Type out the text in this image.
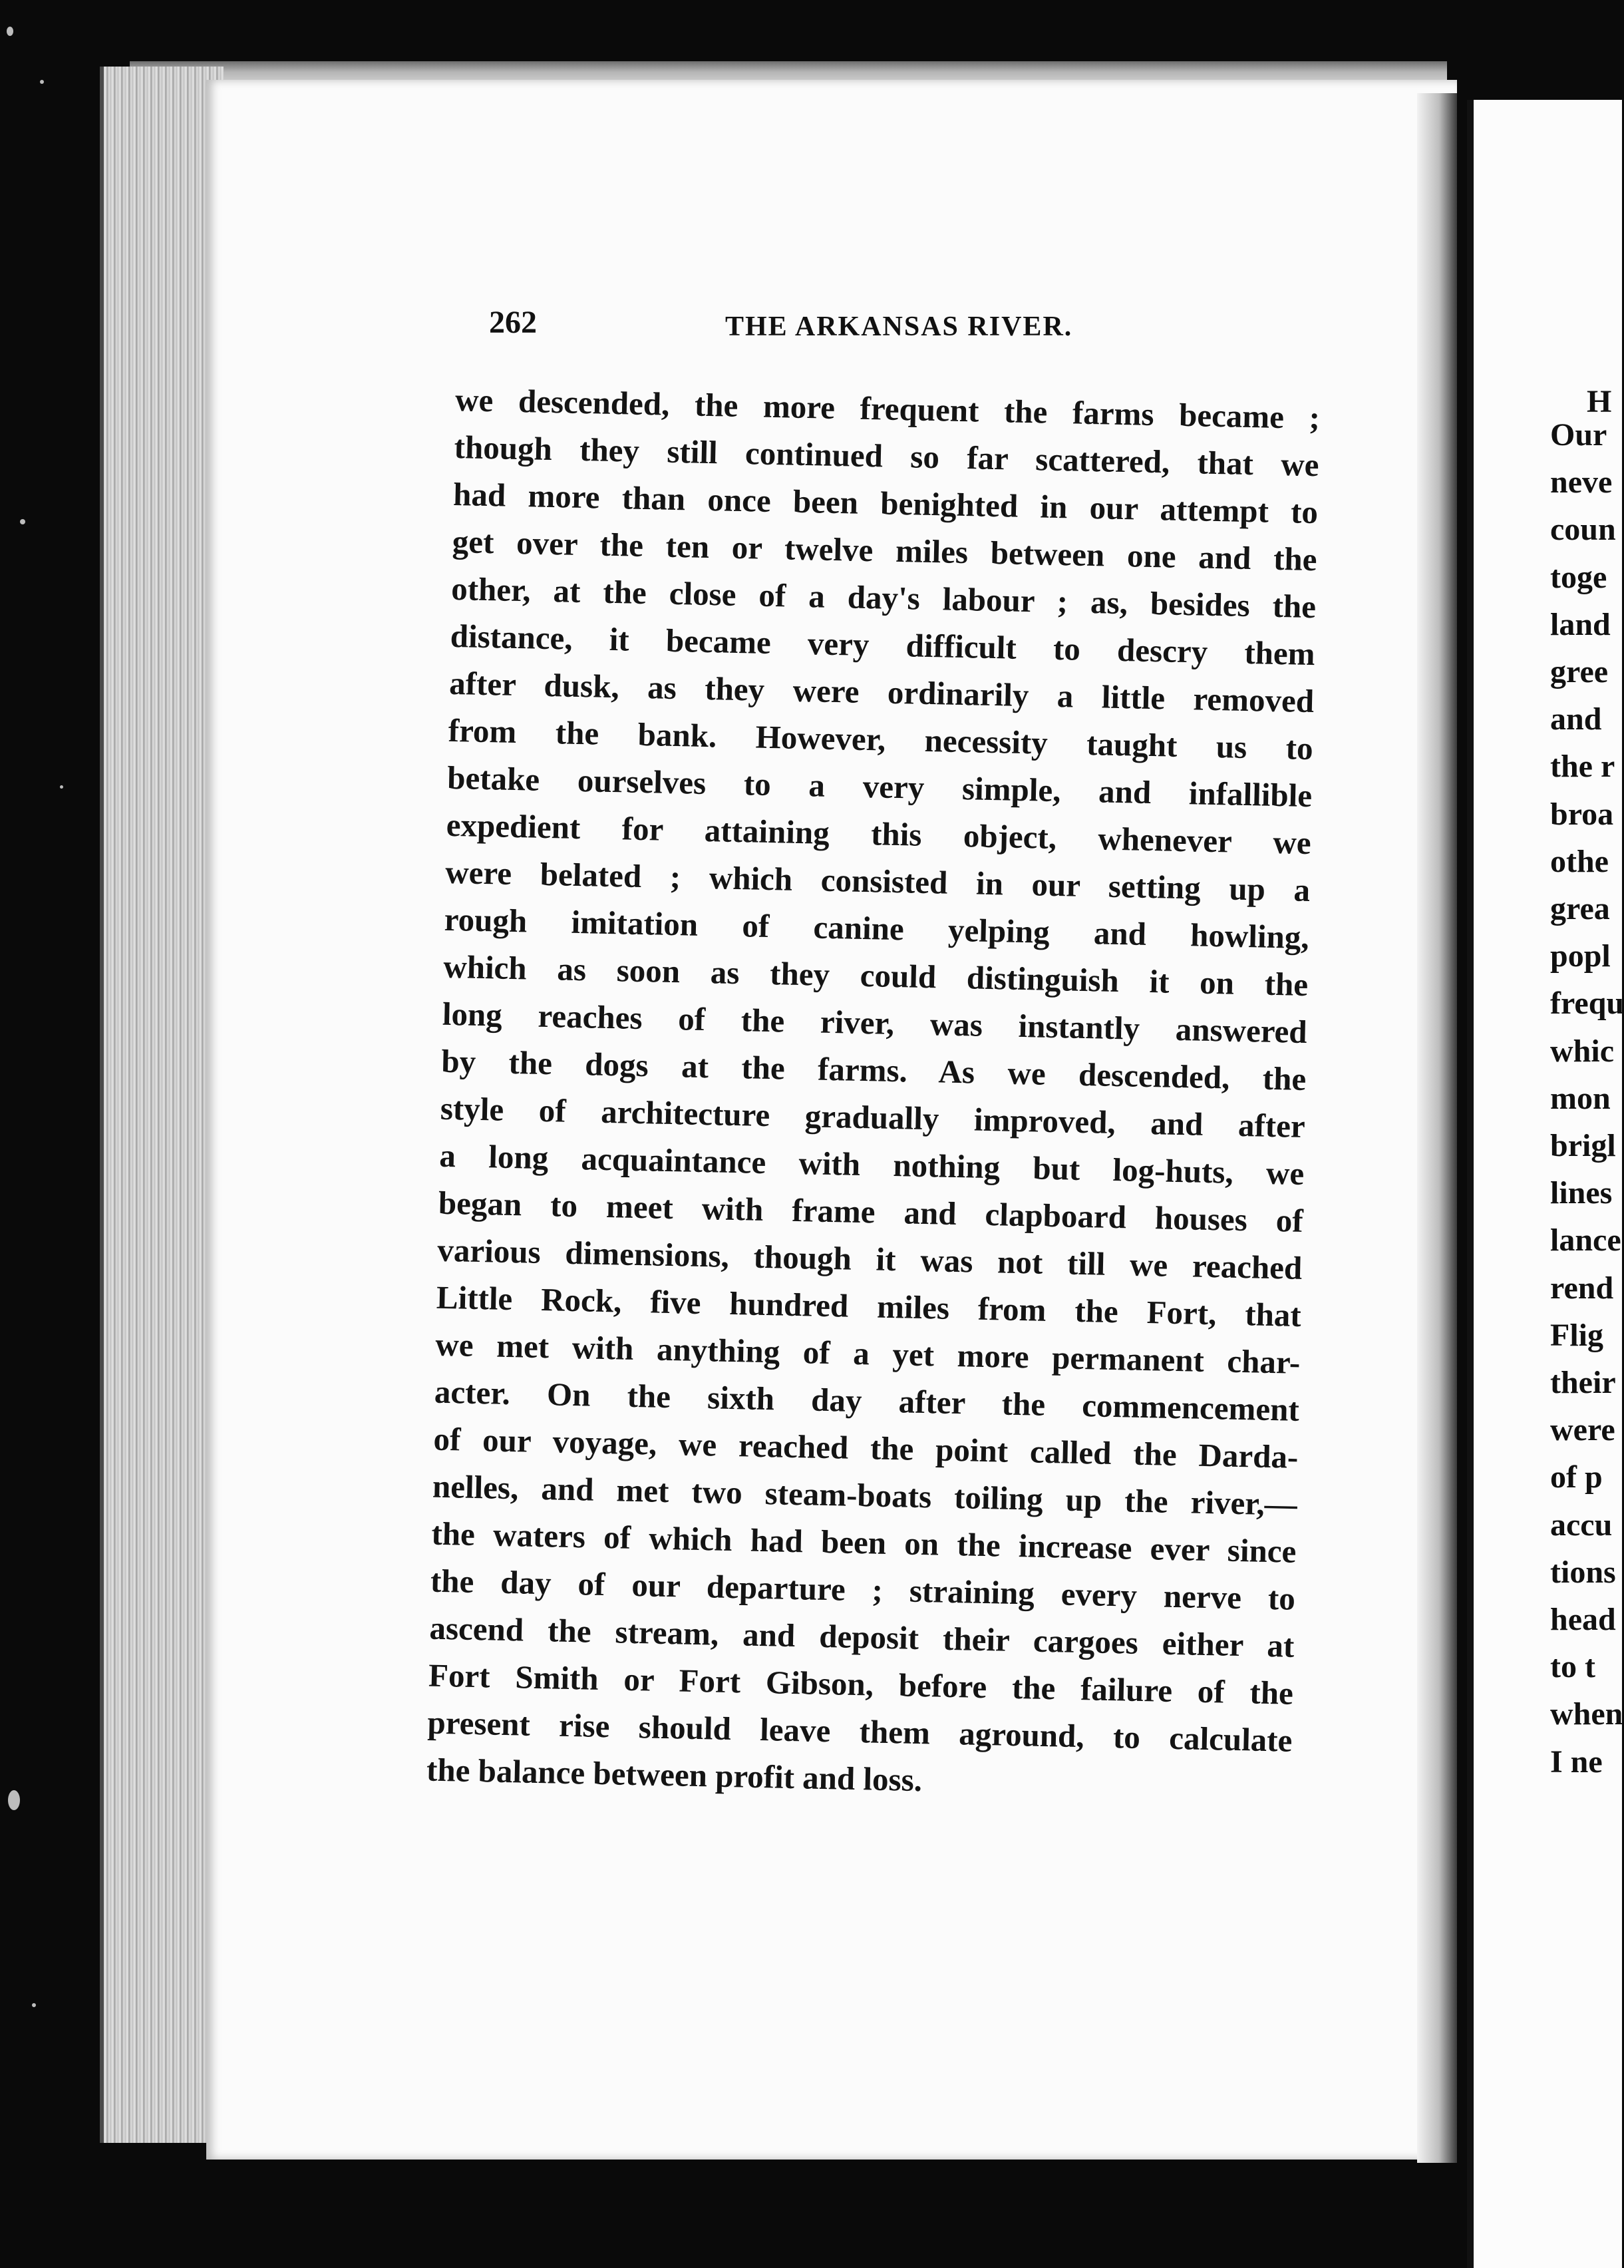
H
Our
neve
coun
toge
land
gree
and
the r
broa
othe
grea
popl
frequ
whic
mon
brigl
lines
lance
rend
Flig
their
were
of p
accu
tions
head
to t
when
I ne
262	THE ARKANSAS RIVER.
we descended, the more frequent the farms became ;
though they still continued so far scattered, that we
had more than once been benighted in our attempt to
get over the ten or twelve miles between one and the
other, at the close of a day's labour ; as, besides the
distance, it became very difficult to descry them
after dusk, as they were ordinarily a little removed
from the bank. However, necessity taught us to
betake ourselves to a very simple, and infallible
expedient for attaining this object, whenever we
were belated ; which consisted in our setting up a
rough imitation of canine yelping and howling,
which as soon as they could distinguish it on the
long reaches of the river, was instantly answered
by the dogs at the farms. As we descended, the
style of architecture gradually improved, and after
a long acquaintance with nothing but log-huts, we
began to meet with frame and clapboard houses of
various dimensions, though it was not till we reached
Little Rock, five hundred miles from the Fort, that
we met with anything of a yet more permanent char-
acter. On the sixth day after the commencement
of our voyage, we reached the point called the Darda-
nelles, and met two steam-boats toiling up the river,—
the waters of which had been on the increase ever since
the day of our departure ; straining every nerve to
ascend the stream, and deposit their cargoes either at
Fort Smith or Fort Gibson, before the failure of the
present rise should leave them aground, to calculate
the balance between profit and loss.
